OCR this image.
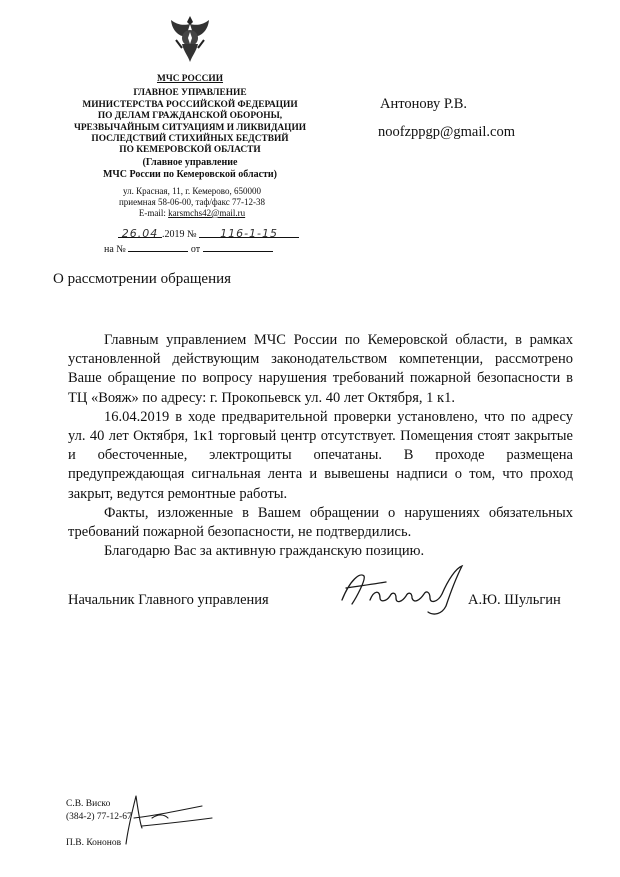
МЧС РОССИИ
ГЛАВНОЕ УПРАВЛЕНИЕ
МИНИСТЕРСТВА РОССИЙСКОЙ ФЕДЕРАЦИИ
ПО ДЕЛАМ ГРАЖДАНСКОЙ ОБОРОНЫ,
ЧРЕЗВЫЧАЙНЫМ СИТУАЦИЯМ И ЛИКВИДАЦИИ
ПОСЛЕДСТВИЙ СТИХИЙНЫХ БЕДСТВИЙ
ПО КЕМЕРОВСКОЙ ОБЛАСТИ
(Главное управление
МЧС России по Кемеровской области)
ул. Красная, 11, г. Кемерово, 650000
приемная 58-06-00, таф/факс 77-12-38
E-mail: karsmchs42@mail.ru
26.04 .2019 № 116-1-15
на №	от
Антонову Р.В.
noofzppgp@gmail.com
О рассмотрении обращения

Главным управлением МЧС России по Кемеровской области, в рамках установленной действующим законодательством компетенции, рассмотрено Ваше обращение по вопросу нарушения требований пожарной безопасности в ТЦ «Вояж» по адресу: г. Прокопьевск ул. 40 лет Октября, 1 к1.

16.04.2019 в ходе предварительной проверки установлено, что по адресу ул. 40 лет Октября, 1к1 торговый центр отсутствует. Помещения стоят закрытые и обесточенные, электрощиты опечатаны. В проходе размещена предупреждающая сигнальная лента и вывешены надписи о том, что проход закрыт, ведутся ремонтные работы.

Факты, изложенные в Вашем обращении о нарушениях обязательных требований пожарной безопасности, не подтвердились.

Благодарю Вас за активную гражданскую позицию.

Начальник Главного управления	А.Ю. Шульгин
С.В. Виско
(384-2) 77-12-67
П.В. Кононов
